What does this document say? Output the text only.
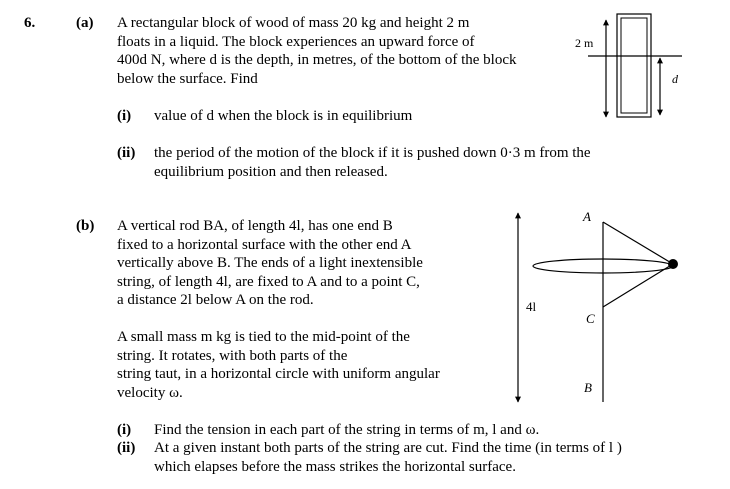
6.	(a) A rectangular block of wood of mass 20 kg and height 2 m
floats in a liquid. The block experiences an upward force of
400d N, where d is the depth, in metres, of the bottom of the block
below the surface. Find
(i) value of d when the block is in equilibrium
(ii) the period of the motion of the block if it is pushed down 0·3 m from the
equilibrium position and then released.
(b) A vertical rod BA, of length 4l, has one end B
fixed to a horizontal surface with the other end A
vertically above B. The ends of a light inextensible
string, of length 4l, are fixed to A and to a point C,
a distance 2l below A on the rod.
A small mass m kg is tied to the mid-point of the
string. It rotates, with both parts of the
string taut, in a horizontal circle with uniform angular
velocity ω.
(i) Find the tension in each part of the string in terms of m, l and ω.
(ii) At a given instant both parts of the string are cut. Find the time (in terms of l )
which elapses before the mass strikes the horizontal surface.
2 m
d
4l
A
C
B
